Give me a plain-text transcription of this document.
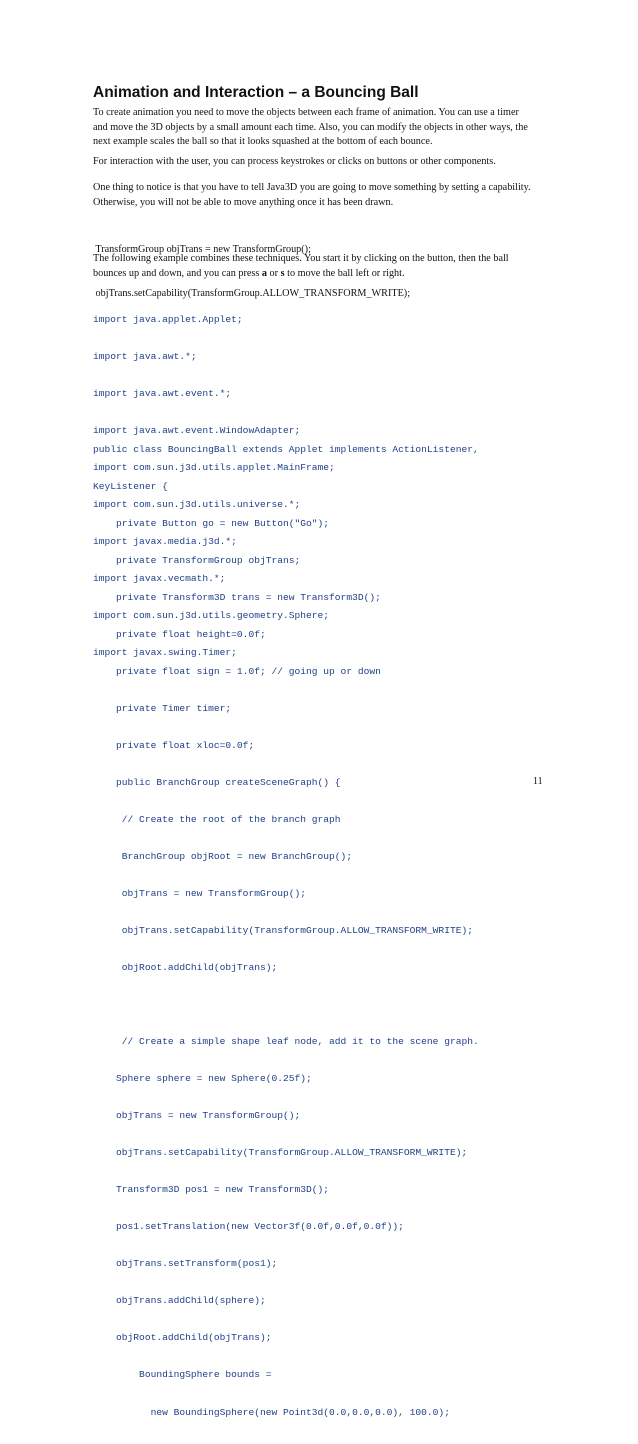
Animation and Interaction – a Bouncing Ball
To create animation you need to move the objects between each frame of animation. You can use a timer
and move the 3D objects by a small amount each time. Also, you can modify the objects in other ways, the
next example scales the ball so that it looks squashed at the bottom of each bounce.
For interaction with the user, you can process keystrokes or clicks on buttons or other components.
One thing to notice is that you have to tell Java3D you are going to move something by setting a capability.
Otherwise, you will not be able to move anything once it has been drawn.

TransformGroup objTrans = new TransformGroup();

objTrans.setCapability(TransformGroup.ALLOW_TRANSFORM_WRITE);

The following example combines these techniques. You start it by clicking on the button, then the ball
bounces up and down, and you can press a or s to move the ball left or right.

import java.applet.Applet;

import java.awt.*;

import java.awt.event.*;

import java.awt.event.WindowAdapter;

import com.sun.j3d.utils.applet.MainFrame;

import com.sun.j3d.utils.universe.*;

import javax.media.j3d.*;

import javax.vecmath.*;

import com.sun.j3d.utils.geometry.Sphere;

import javax.swing.Timer;

public class BouncingBall extends Applet implements ActionListener,

KeyListener {

private Button go = new Button("Go");

private TransformGroup objTrans;

private Transform3D trans = new Transform3D();

private float height=0.0f;

private float sign = 1.0f; // going up or down

private Timer timer;

private float xloc=0.0f;

public BranchGroup createSceneGraph() {

// Create the root of the branch graph

BranchGroup objRoot = new BranchGroup();

objTrans = new TransformGroup();

objTrans.setCapability(TransformGroup.ALLOW_TRANSFORM_WRITE);

objRoot.addChild(objTrans);

// Create a simple shape leaf node, add it to the scene graph.

Sphere sphere = new Sphere(0.25f);

objTrans = new TransformGroup();

objTrans.setCapability(TransformGroup.ALLOW_TRANSFORM_WRITE);

Transform3D pos1 = new Transform3D();

pos1.setTranslation(new Vector3f(0.0f,0.0f,0.0f));

objTrans.setTransform(pos1);

objTrans.addChild(sphere);

objRoot.addChild(objTrans);

BoundingSphere bounds =

new BoundingSphere(new Point3d(0.0,0.0,0.0), 100.0);

11
